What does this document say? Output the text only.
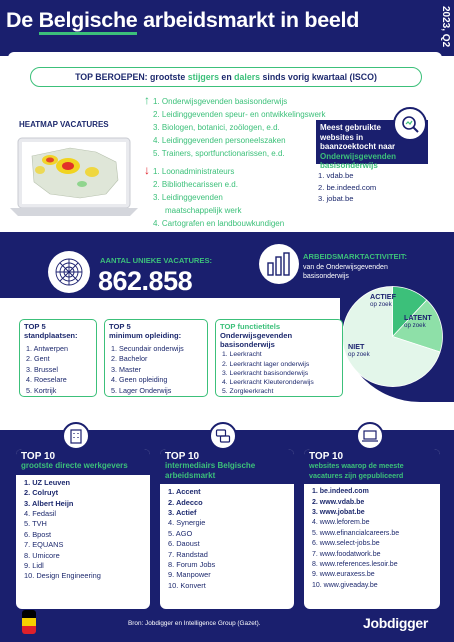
De Belgische arbeidsmarkt in beeld	2023, Q2
TOP BEROEPEN: grootste stijgers en dalers sinds vorig kwartaal (ISCO)
↑ 1. Onderwijsgevenden basisonderwijs
2. Leidinggevenden speur- en ontwikkelingswerk
3. Biologen, botanici, zoölogen, e.d.
4. Leidinggevenden personeelszaken
5. Trainers, sportfunctionarissen, e.d.
↓ 1. Loonadministrateurs
2. Bibliothecarissen e.d.
3. Leidinggevenden
maatschappelijk werk
4. Cartografen en landbouwkundigen
HEATMAP VACATURES	Meest gebruikte
websites in
baanzoektocht naar
Onderwijsgevenden
basisonderwijs
1. vdab.be
2. be.indeed.com
3. jobat.be
AANTAL UNIEKE VACATURES:
862.858
ARBEIDSMARKTACTIVITEIT:
van de Onderwijsgevenden
basisonderwijs
ACTIEF
op zoek
LATENT
op zoek
NIET
op zoek
TOP 5
standplaatsen:
1. Antwerpen
2. Gent
3. Brussel
4. Roeselare
5. Kortrijk
TOP 5
minimum opleiding:
1. Secundair onderwijs
2. Bachelor
3. Master
4. Geen opleiding
5. Lager Onderwijs
TOP functietitels
Onderwijsgevenden
basisonderwijs
1. Leerkracht
2. Leerkracht lager onderwijs
3. Leerkracht basisonderwijs
4. Leerkracht Kleuteronderwijs
5. Zorgleerkracht
TOP 10
grootste directe werkgevers
1. UZ Leuven
2. Colruyt
3. Albert Heijn
4. Fedasil
5. TVH
6. Bpost
7. EQUANS
8. Umicore
9. Lidl
10. Design Engineering
TOP 10
intermediairs Belgische
arbeidsmarkt
1. Accent
2. Adecco
3. Actief
4. Synergie
5. AGO
6. Daoust
7. Randstad
8. Forum Jobs
9. Manpower
10. Konvert
TOP 10
websites waarop de meeste
vacatures zijn gepubliceerd
1. be.indeed.com
2. www.vdab.be
3. www.jobat.be
4. www.leforem.be
5. www.efinancialcareers.be
6. www.select-jobs.be
7. www.foodatwork.be
8. www.references.lesoir.be
9. www.euraxess.be
10. www.giveaday.be
Bron: Jobdigger en Intelligence Group (Gazet).	Jobdigger
